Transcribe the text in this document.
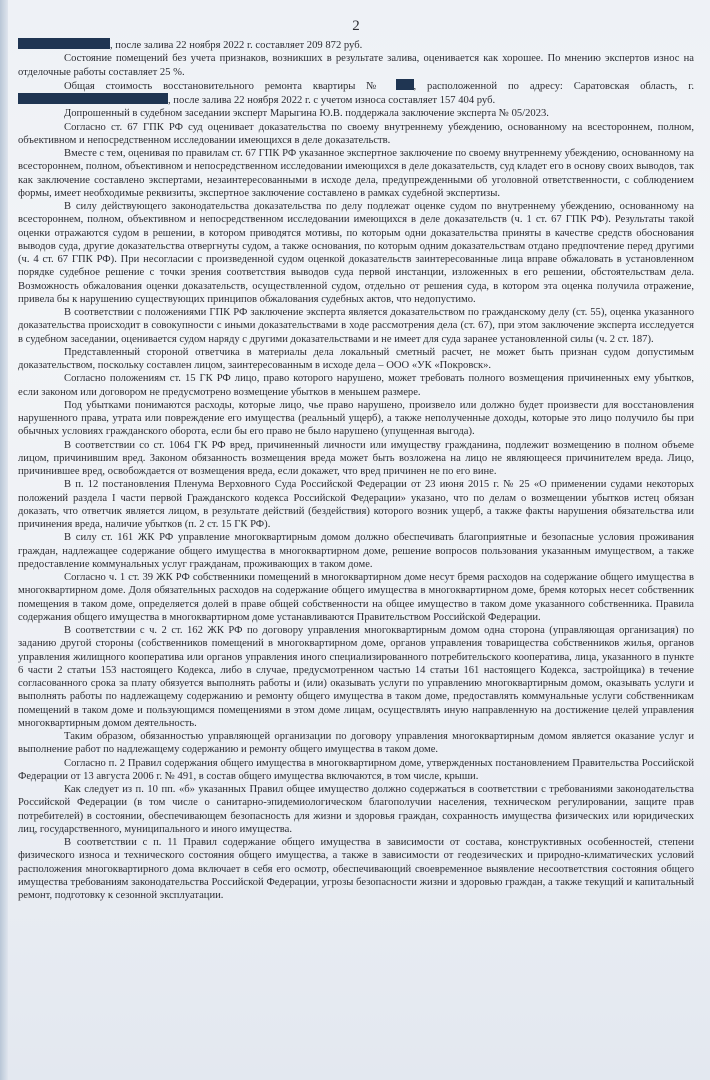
2

, после залива 22 ноября 2022 г. составляет 209 872 руб.

Состояние помещений без учета признаков, возникших в результате залива, оценивается как хорошее. По мнению экспертов износ на отделочные работы составляет 25 %.

Общая стоимость восстановительного ремонта квартиры № , расположенной по адресу: Саратовская область, г. , после залива 22 ноября 2022 г. с учетом износа составляет 157 404 руб.

Допрошенный в судебном заседании эксперт Марыгина Ю.В. поддержала заключение эксперта № 05/2023.

Согласно ст. 67 ГПК РФ суд оценивает доказательства по своему внутреннему убеждению, основанному на всестороннем, полном, объективном и непосредственном исследовании имеющихся в деле доказательств.

Вместе с тем, оценивая по правилам ст. 67 ГПК РФ указанное экспертное заключение по своему внутреннему убеждению, основанному на всестороннем, полном, объективном и непосредственном исследовании имеющихся в деле доказательств, суд кладет его в основу своих выводов, так как заключение составлено экспертами, незаинтересованными в исходе дела, предупрежденными об уголовной ответственности, с соблюдением формы, имеет необходимые реквизиты, экспертное заключение составлено в рамках судебной экспертизы.

В силу действующего законодательства доказательства по делу подлежат оценке судом по внутреннему убеждению, основанному на всестороннем, полном, объективном и непосредственном исследовании имеющихся в деле доказательств (ч. 1 ст. 67 ГПК РФ). Результаты такой оценки отражаются судом в решении, в котором приводятся мотивы, по которым одни доказательства приняты в качестве средств обоснования выводов суда, другие доказательства отвергнуты судом, а также основания, по которым одним доказательствам отдано предпочтение перед другими (ч. 4 ст. 67 ГПК РФ). При несогласии с произведенной судом оценкой доказательств заинтересованные лица вправе обжаловать в установленном порядке судебное решение с точки зрения соответствия выводов суда первой инстанции, изложенных в его решении, обстоятельствам дела. Возможность обжалования оценки доказательств, осуществленной судом, отдельно от решения суда, в котором эта оценка получила отражение, привела бы к нарушению существующих принципов обжалования судебных актов, что недопустимо.

В соответствии с положениями ГПК РФ заключение эксперта является доказательством по гражданскому делу (ст. 55), оценка указанного доказательства происходит в совокупности с иными доказательствами в ходе рассмотрения дела (ст. 67), при этом заключение эксперта исследуется в судебном заседании, оценивается судом наряду с другими доказательствами и не имеет для суда заранее установленной силы (ч. 2 ст. 187).

Представленный стороной ответчика в материалы дела локальный сметный расчет, не может быть признан судом допустимым доказательством, поскольку составлен лицом, заинтересованным в исходе дела – ООО «УК «Покровск».

Согласно положениям ст. 15 ГК РФ лицо, право которого нарушено, может требовать полного возмещения причиненных ему убытков, если законом или договором не предусмотрено возмещение убытков в меньшем размере.

Под убытками понимаются расходы, которые лицо, чье право нарушено, произвело или должно будет произвести для восстановления нарушенного права, утрата или повреждение его имущества (реальный ущерб), а также неполученные доходы, которые это лицо получило бы при обычных условиях гражданского оборота, если бы его право не было нарушено (упущенная выгода).

В соответствии со ст. 1064 ГК РФ вред, причиненный личности или имуществу гражданина, подлежит возмещению в полном объеме лицом, причинившим вред. Законом обязанность возмещения вреда может быть возложена на лицо не являющееся причинителем вреда. Лицо, причинившее вред, освобождается от возмещения вреда, если докажет, что вред причинен не по его вине.

В п. 12 постановления Пленума Верховного Суда Российской Федерации от 23 июня 2015 г. № 25 «О применении судами некоторых положений раздела I части первой Гражданского кодекса Российской Федерации» указано, что по делам о возмещении убытков истец обязан доказать, что ответчик является лицом, в результате действий (бездействия) которого возник ущерб, а также факты нарушения обязательства или причинения вреда, наличие убытков (п. 2 ст. 15 ГК РФ).

В силу ст. 161 ЖК РФ управление многоквартирным домом должно обеспечивать благоприятные и безопасные условия проживания граждан, надлежащее содержание общего имущества в многоквартирном доме, решение вопросов пользования указанным имуществом, а также предоставление коммунальных услуг гражданам, проживающих в таком доме.

Согласно ч. 1 ст. 39 ЖК РФ собственники помещений в многоквартирном доме несут бремя расходов на содержание общего имущества в многоквартирном доме. Доля обязательных расходов на содержание общего имущества в многоквартирном доме, бремя которых несет собственник помещения в таком доме, определяется долей в праве общей собственности на общее имущество в таком доме указанного собственника. Правила содержания общего имущества в многоквартирном доме устанавливаются Правительством Российской Федерации.

В соответствии с ч. 2 ст. 162 ЖК РФ по договору управления многоквартирным домом одна сторона (управляющая организация) по заданию другой стороны (собственников помещений в многоквартирном доме, органов управления товарищества собственников жилья, органов управления жилищного кооператива или органов управления иного специализированного потребительского кооператива, лица, указанного в пункте 6 части 2 статьи 153 настоящего Кодекса, либо в случае, предусмотренном частью 14 статьи 161 настоящего Кодекса, застройщика) в течение согласованного срока за плату обязуется выполнять работы и (или) оказывать услуги по управлению многоквартирным домом, оказывать услуги и выполнять работы по надлежащему содержанию и ремонту общего имущества в таком доме, предоставлять коммунальные услуги собственникам помещений в таком доме и пользующимся помещениями в этом доме лицам, осуществлять иную направленную на достижение целей управления многоквартирным домом деятельность.

Таким образом, обязанностью управляющей организации по договору управления многоквартирным домом является оказание услуг и выполнение работ по надлежащему содержанию и ремонту общего имущества в таком доме.

Согласно п. 2 Правил содержания общего имущества в многоквартирном доме, утвержденных постановлением Правительства Российской Федерации от 13 августа 2006 г. № 491, в состав общего имущества включаются, в том числе, крыши.

Как следует из п. 10 пп. «б» указанных Правил общее имущество должно содержаться в соответствии с требованиями законодательства Российской Федерации (в том числе о санитарно-эпидемиологическом благополучии населения, техническом регулировании, защите прав потребителей) в состоянии, обеспечивающем безопасность для жизни и здоровья граждан, сохранность имущества физических или юридических лиц, государственного, муниципального и иного имущества.

В соответствии с п. 11 Правил содержание общего имущества в зависимости от состава, конструктивных особенностей, степени физического износа и технического состояния общего имущества, а также в зависимости от геодезических и природно-климатических условий расположения многоквартирного дома включает в себя его осмотр, обеспечивающий своевременное выявление несоответствия состояния общего имущества требованиям законодательства Российской Федерации, угрозы безопасности жизни и здоровью граждан, а также текущий и капитальный ремонт, подготовку к сезонной эксплуатации.
